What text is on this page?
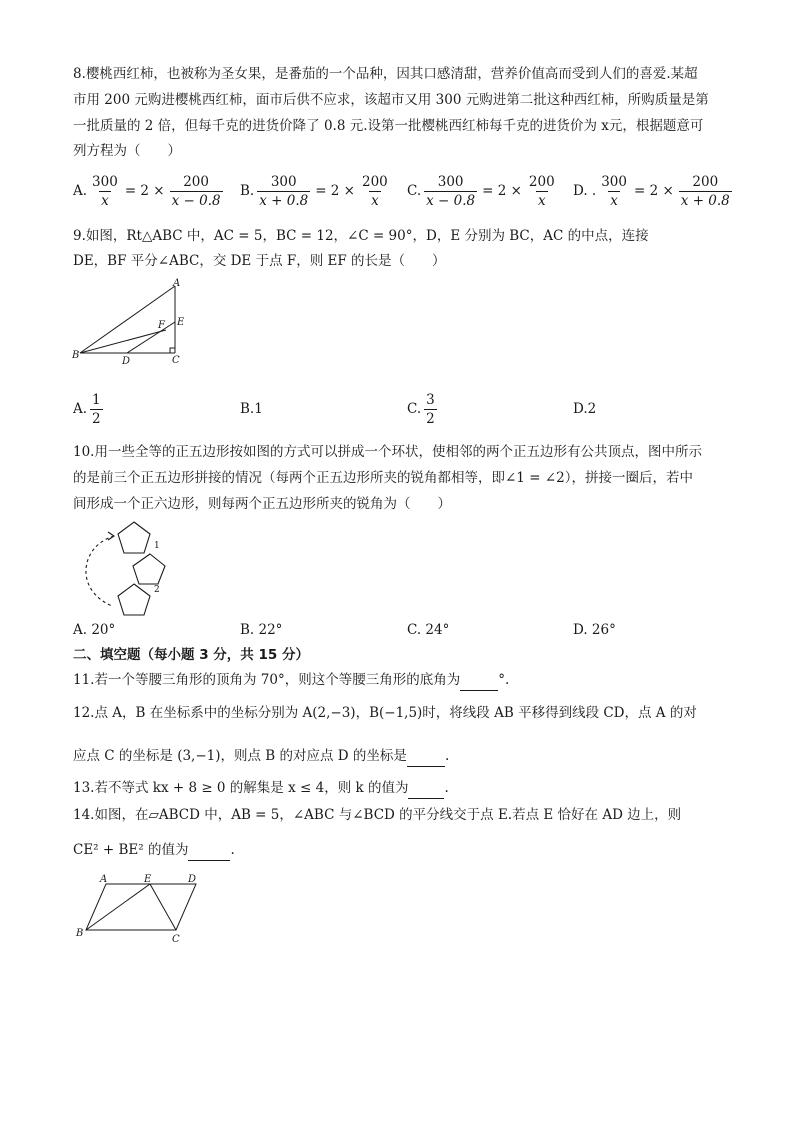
8.樱桃西红柿，也被称为圣女果，是番茄的一个品种，因其口感清甜，营养价值高而受到人们的喜爱.某超
市用 200 元购进樱桃西红柿，面市后供不应求，该超市又用 300 元购进第二批这种西红柿，所购质量是第
一批质量的 2 倍，但每千克的进货价降了 0.8 元.设第一批樱桃西红柿每千克的进货价为 x元，根据题意可
列方程为（　　）
A. $\frac{300}{x} = 2 \times \frac{200}{x - 0.8} B$. $\frac{300}{x + 0.8} = 2 \times \frac{200}{x} C$. $\frac{300}{x - 0.8} = 2 \times \frac{200}{x} D$. . $\frac{300}{x} = 2 \times \frac{200}{x + 0.8}$
9.如图，Rt△ABC 中，AC = 5，BC = 12，∠C = 90°，D，E 分别为 BC，AC 的中点，连接
DE，BF 平分∠ABC，交 DE 于点 F，则 EF 的长是（　　）
A
B	C
D
E
F
A. $\frac{1}{2}$	B.1	C. $\frac{3}{2}$	D.2
10.用一些全等的正五边形按如图的方式可以拼成一个环状，使相邻的两个正五边形有公共顶点，图中所示
的是前三个正五边形拼接的情况（每两个正五边形所夹的锐角都相等，即∠1 = ∠2），拼接一圈后，若中
间形成一个正六边形，则每两个正五边形所夹的锐角为（　　）
1
2
A. 20°	B. 22°	C. 24°	D. 26°
二、填空题（每小题 3 分，共 15 分）
11.若一个等腰三角形的顶角为 70°，则这个等腰三角形的底角为	°.
12.点 A，B 在坐标系中的坐标分别为 A(2,−3)，B(−1,5)时，将线段 AB 平移得到线段 CD，点 A 的对
应点 C 的坐标是 (3,−1)，则点 B 的对应点 D 的坐标是	.
13.若不等式 kx + 8 ≥ 0 的解集是 x ≤ 4，则 k 的值为	.
14.如图，在▱ABCD 中，AB = 5，∠ABC 与∠BCD 的平分线交于点 E.若点 E 恰好在 AD 边上，则
CE² + BE² 的值为	.
A
B
C
D
E
